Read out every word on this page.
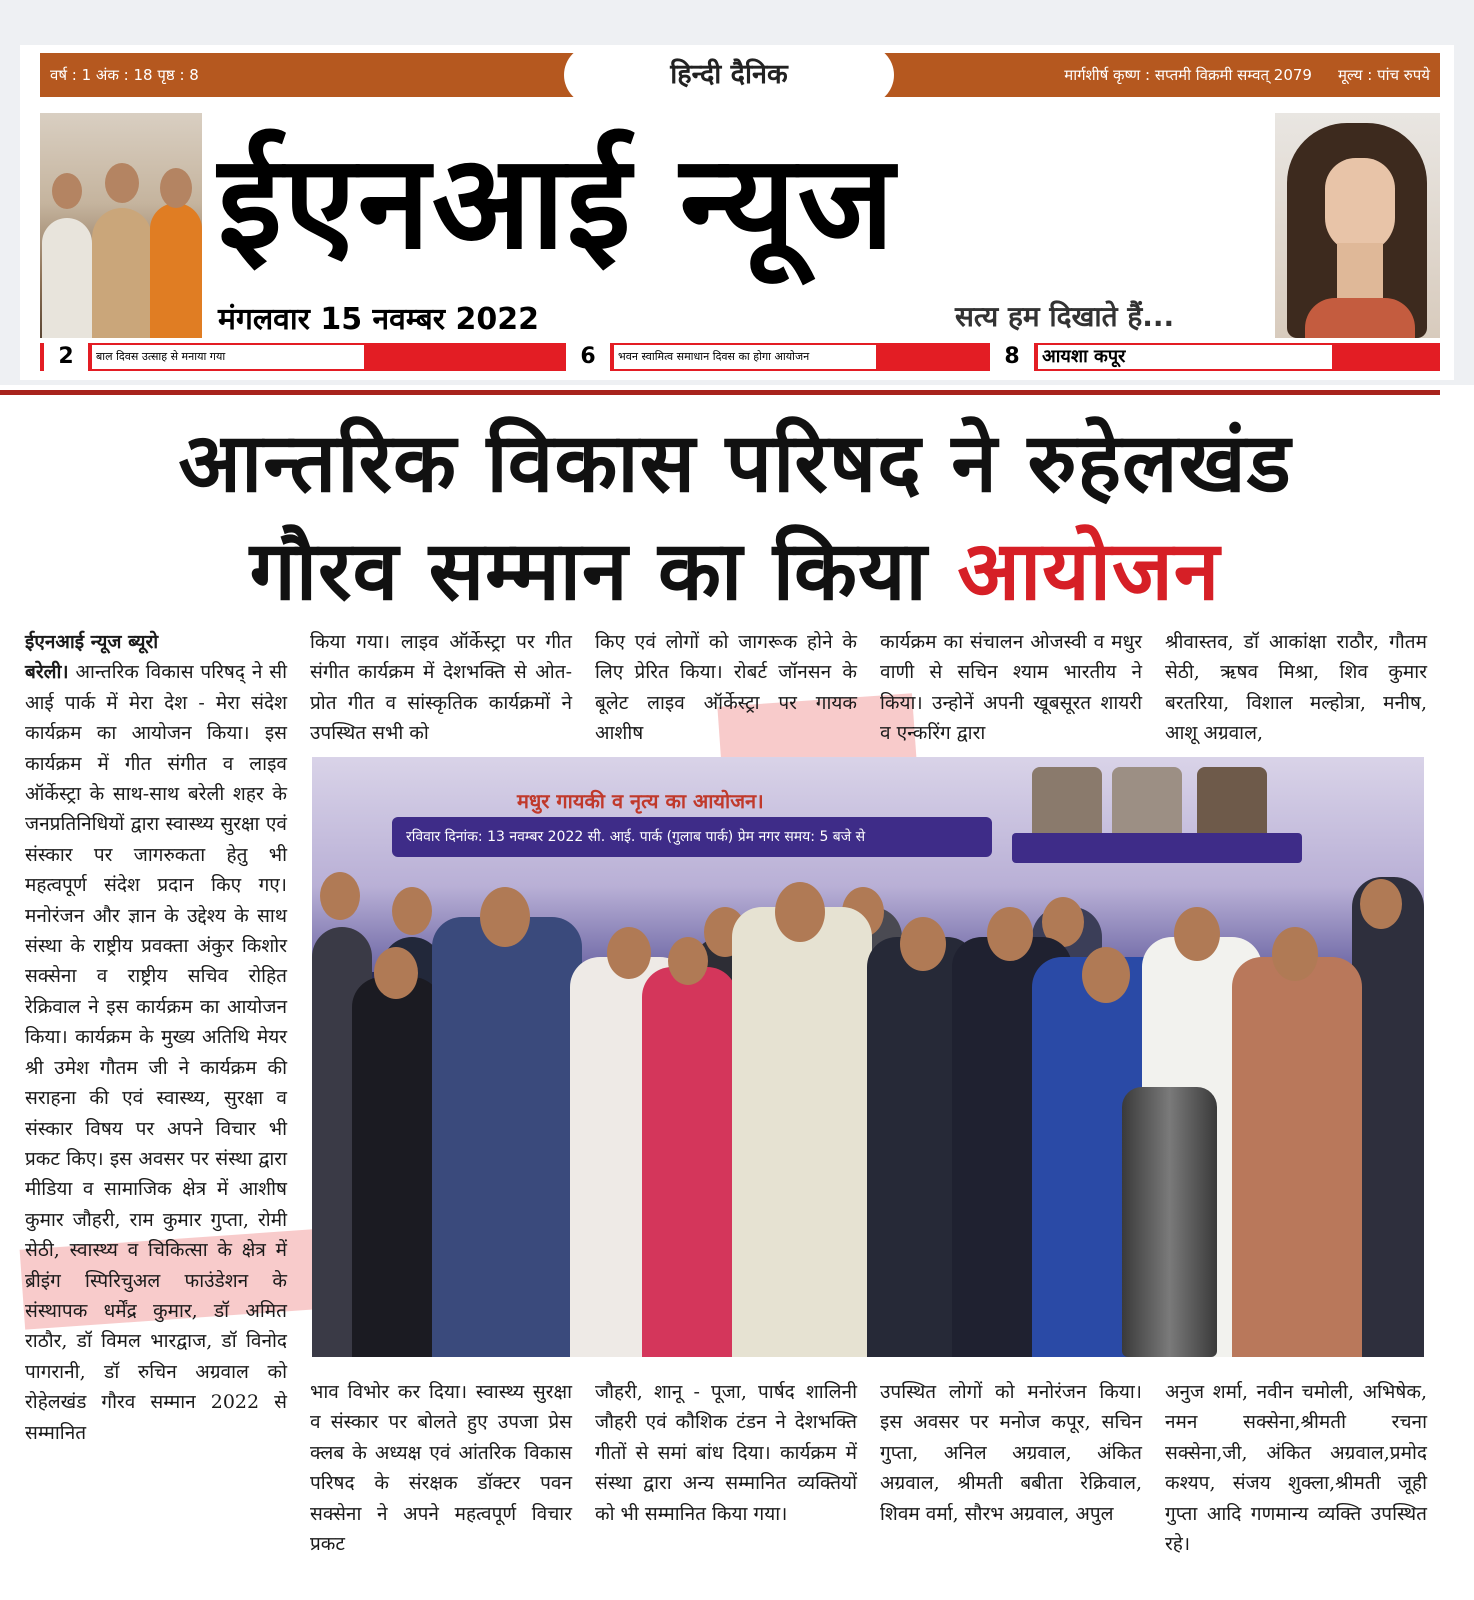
वर्ष : 1 अंक : 18 पृष्ठ : 8	मार्गशीर्ष कृष्ण : सप्तमी विक्रमी सम्वत् 2079 मूल्य : पांच रुपये
हिन्दी दैनिक
ईएनआई न्यूज
मंगलवार 15 नवम्बर 2022	सत्य हम दिखाते हैं...
2	बाल दिवस उत्साह से मनाया गया	6	भवन स्वामित्व समाधान दिवस का होगा आयोजन	8	आयशा कपूर
आन्तरिक विकास परिषद ने रुहेलखंड
गौरव सम्मान का किया आयोजन

ईएनआई न्यूज ब्यूरो

बरेली। आन्तरिक विकास परिषद् ने सी आई पार्क में मेरा देश - मेरा संदेश कार्यक्रम का आयोजन किया। इस कार्यक्रम में गीत संगीत व लाइव ऑर्केस्ट्रा के साथ-साथ बरेली शहर के जनप्रतिनिधियों द्वारा स्वास्थ्य सुरक्षा एवं संस्कार पर जागरुकता हेतु भी महत्वपूर्ण संदेश प्रदान किए गए। मनोरंजन और ज्ञान के उद्देश्य के साथ संस्था के राष्ट्रीय प्रवक्ता अंकुर किशोर सक्सेना व राष्ट्रीय सचिव रोहित रेक्रिवाल ने इस कार्यक्रम का आयोजन किया। कार्यक्रम के मुख्य अतिथि मेयर श्री उमेश गौतम जी ने कार्यक्रम की सराहना की एवं स्वास्थ्य, सुरक्षा व संस्कार विषय पर अपने विचार भी प्रकट किए। इस अवसर पर संस्था द्वारा मीडिया व सामाजिक क्षेत्र में आशीष कुमार जौहरी, राम कुमार गुप्ता, रोमी सेठी, स्वास्थ्य व चिकित्सा के क्षेत्र में ब्रीइंग स्पिरिचुअल फाउंडेशन के संस्थापक धर्मेंद्र कुमार, डॉ अमित राठौर, डॉ विमल भारद्वाज, डॉ विनोद पागरानी, डॉ रुचिन अग्रवाल को रोहेलखंड गौरव सम्मान 2022 से सम्मानित

किया गया। लाइव ऑर्केस्ट्रा पर गीत संगीत कार्यक्रम में देशभक्ति से ओत-प्रोत गीत व सांस्कृतिक कार्यक्रमों ने उपस्थित सभी को
किए एवं लोगों को जागरूक होने के लिए प्रेरित किया। रोबर्ट जॉनसन के बूलेट लाइव ऑर्केस्ट्रा पर गायक आशीष
कार्यक्रम का संचालन ओजस्वी व मधुर वाणी से सचिन श्याम भारतीय ने किया। उन्होनें अपनी खूबसूरत शायरी व एन्करिंग द्वारा
श्रीवास्तव, डॉ आकांक्षा राठौर, गौतम सेठी, ऋषव मिश्रा, शिव कुमार बरतरिया, विशाल मल्होत्रा, मनीष, आशू अग्रवाल,
मधुर गायकी व नृत्य का आयोजन।
रविवार दिनांक: 13 नवम्बर 2022 सी. आई. पार्क (गुलाब पार्क) प्रेम नगर समय: 5 बजे से
भाव विभोर कर दिया। स्वास्थ्य सुरक्षा व संस्कार पर बोलते हुए उपजा प्रेस क्लब के अध्यक्ष एवं आंतरिक विकास परिषद के संरक्षक डॉक्टर पवन सक्सेना ने अपने महत्वपूर्ण विचार प्रकट
जौहरी, शानू - पूजा, पार्षद शालिनी जौहरी एवं कौशिक टंडन ने देशभक्ति गीतों से समां बांध दिया। कार्यक्रम में संस्था द्वारा अन्य सम्मानित व्यक्तियों को भी सम्मानित किया गया।
उपस्थित लोगों को मनोरंजन किया। इस अवसर पर मनोज कपूर, सचिन गुप्ता, अनिल अग्रवाल, अंकित अग्रवाल, श्रीमती बबीता रेक्रिवाल, शिवम वर्मा, सौरभ अग्रवाल, अपुल
अनुज शर्मा, नवीन चमोली, अभिषेक, नमन सक्सेना,श्रीमती रचना सक्सेना,जी, अंकित अग्रवाल,प्रमोद कश्यप, संजय शुक्ला,श्रीमती जूही गुप्ता आदि गणमान्य व्यक्ति उपस्थित रहे।
